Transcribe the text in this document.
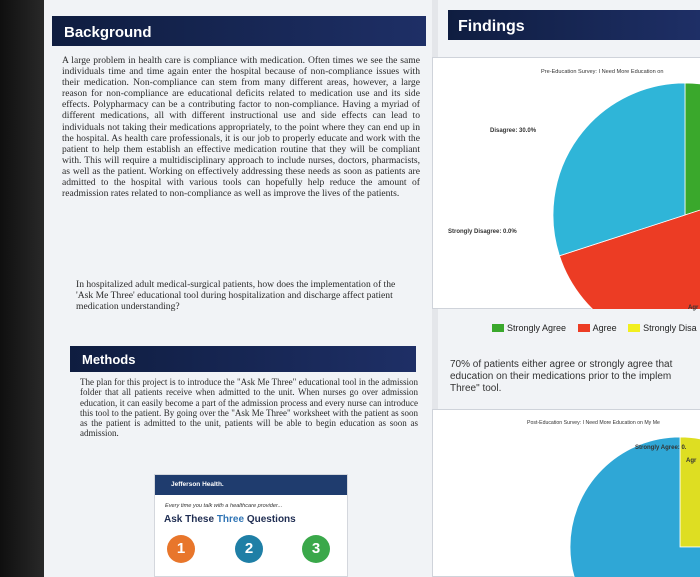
Background
A large problem in health care is compliance with medication. Often times we see the same individuals time and time again enter the hospital because of non-compliance issues with their medication. Non-compliance can stem from many different areas, however, a large reason for non-compliance are educational deficits related to medication use and its side effects. Polypharmacy can be a contributing factor to non-compliance. Having a myriad of different medications, all with different instructional use and side effects can lead to individuals not taking their medications appropriately, to the point where they can end up in the hospital. As health care professionals, it is our job to properly educate and work with the patient to help them establish an effective medication routine that they will be compliant with. This will require a multidisciplinary approach to include nurses, doctors, pharmacists, as well as the patient. Working on effectively addressing these needs as soon as patients are admitted to the hospital with various tools can hopefully help reduce the amount of readmission rates related to non-compliance as well as improve the lives of the patients.
In hospitalized adult medical-surgical patients, how does the implementation of the 'Ask Me Three' educational tool during hospitalization and discharge affect patient medication understanding?
Methods
The plan for this project is to introduce the "Ask Me Three" educational tool in the admission folder that all patients receive when admitted to the unit. When nurses go over admission education, it can easily become a part of the admission process and every nurse can introduce this tool to the patient. By going over the "Ask Me Three" worksheet with the patient as soon as the patient is admitted to the unit, patients will be able to begin education as soon as admission.
Jefferson Health.
Every time you talk with a healthcare provider...
Ask These Three Questions
1	2	3
Findings
Pre-Education Survey: I Need More Education on
Disagree: 30.0%
Strongly Disagree: 0.0%
Agr
Strongly Agree
	Agree
	Strongly Disa
70% of patients either agree or strongly agree that
education on their medications prior to the implem
Three" tool.
Post-Education Survey: I Need More Education on My Me
Strongly Agree: 0.
Agr
